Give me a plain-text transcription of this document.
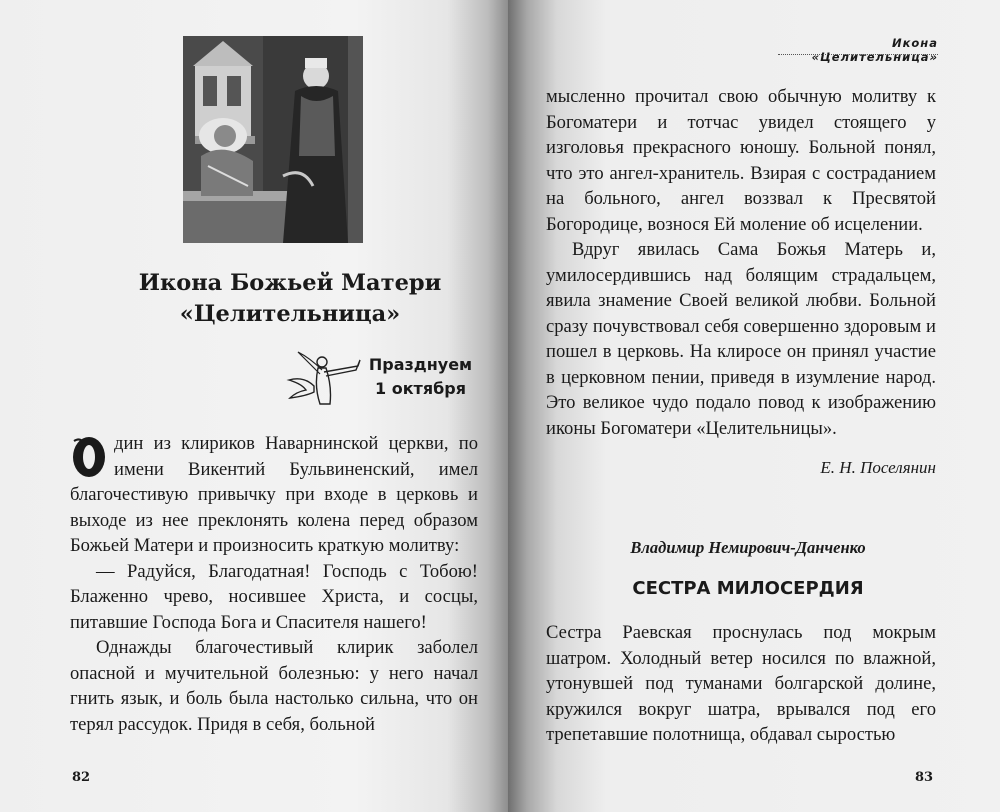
Икона Божьей Матери
«Целительница»
Празднуем
1 октября

О
дин из клириков Наварнинской церкви, по имени Викентий Бульвиненский, имел благочестивую привычку при входе в церковь и выходе из нее преклонять колена перед образом Божьей Матери и произносить краткую молитву:

— Радуйся, Благодатная! Господь с Тобою! Блаженно чрево, носившее Христа, и сосцы, питавшие Господа Бога и Спасителя нашего!

Однажды благочестивый клирик заболел опасной и мучительной болезнью: у него начал гнить язык, и боль была настолько сильна, что он терял рассудок. Придя в себя, больной

82
Икона «Целительница»

мысленно прочитал свою обычную молитву к Богоматери и тотчас увидел стоящего у изголовья прекрасного юношу. Больной понял, что это ангел-хранитель. Взирая с состраданием на больного, ангел воззвал к Пресвятой Богородице, вознося Ей моление об исцелении.

Вдруг явилась Сама Божья Матерь и, умилосердившись над болящим страдальцем, явила знамение Своей великой любви. Больной сразу почувствовал себя совершенно здоровым и пошел в церковь. На клиросе он принял участие в церковном пении, приведя в изумление народ. Это великое чудо подало повод к изображению иконы Богоматери «Целительницы».

Е. Н. Поселянин
Владимир Немирович-Данченко
СЕСТРА МИЛОСЕРДИЯ

Сестра Раевская проснулась под мокрым шатром. Холодный ветер носился по влажной, утонувшей под туманами болгарской долине, кружился вокруг шатра, врывался под его трепетавшие полотнища, обдавал сыростью

83
